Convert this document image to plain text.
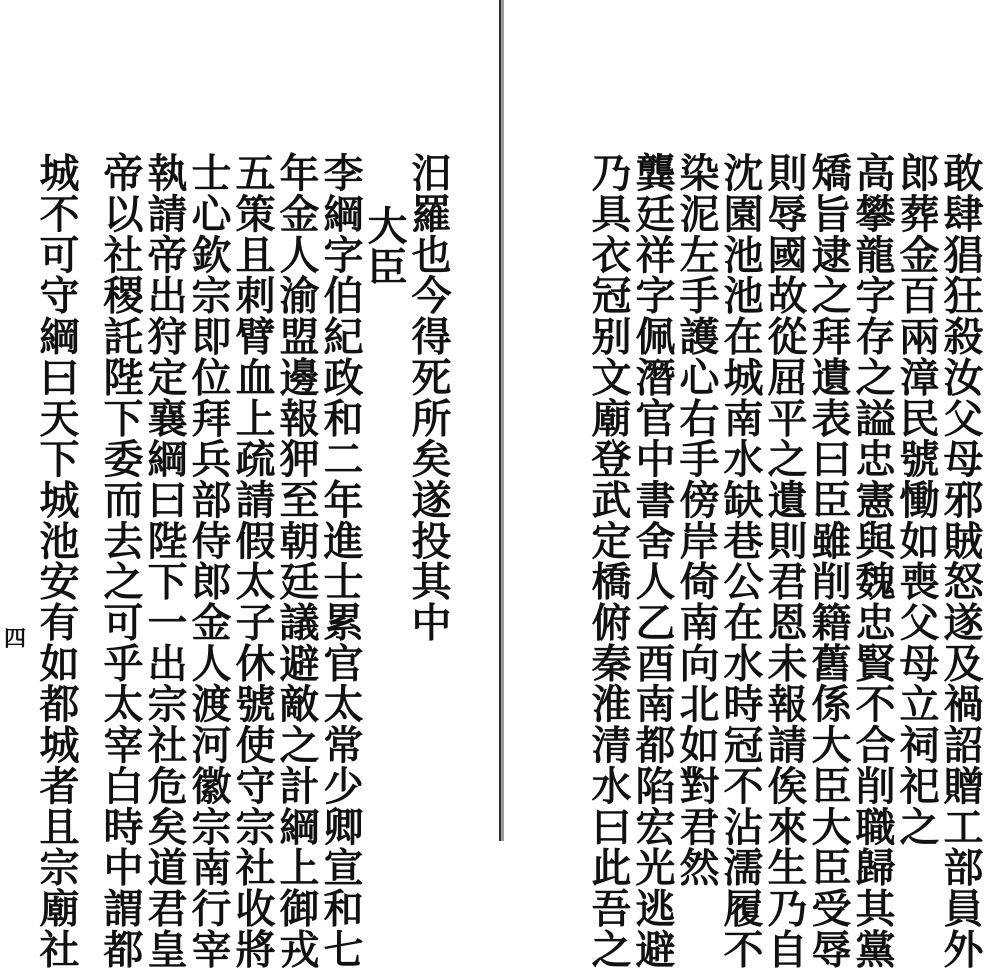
敢肆猖狂殺汝父母邪賊怒遂及禍詔贈工部員外
郎葬金百兩漳民號慟如喪父母立祠祀之
高攀龍字存之謚忠憲與魏忠賢不合削職歸其黨
矯旨逮之拜遺表曰臣雖削籍舊係大臣大臣受辱
則辱國故從屈平之遺則君恩未報請俟來生乃自
沈園池池在城南水缺巷公在水時冠不沾濡履不
染泥左手護心右手傍岸倚南向北如對君然
龔廷祥字佩潛官中書舍人乙酉南都陷宏光逃避
乃具衣冠别文廟登武定橋俯秦淮清水曰此吾之
汨羅也今得死所矣遂投其中
大臣
李綱字伯紀政和二年進士累官太常少卿宣和七
年金人渝盟邊報狎至朝廷議避敵之計綱上御戎
五策且刺臂血上疏請假太子休號使守宗社收將
士心欽宗即位拜兵部侍郎金人渡河徽宗南行宰
執請帝出狩定襄綱曰陛下一出宗社危矣道君皇
帝以社稷託陛下委而去之可乎太宰白時中謂都
城不可守綱曰天下城池安有如都城者且宗廟社
四
